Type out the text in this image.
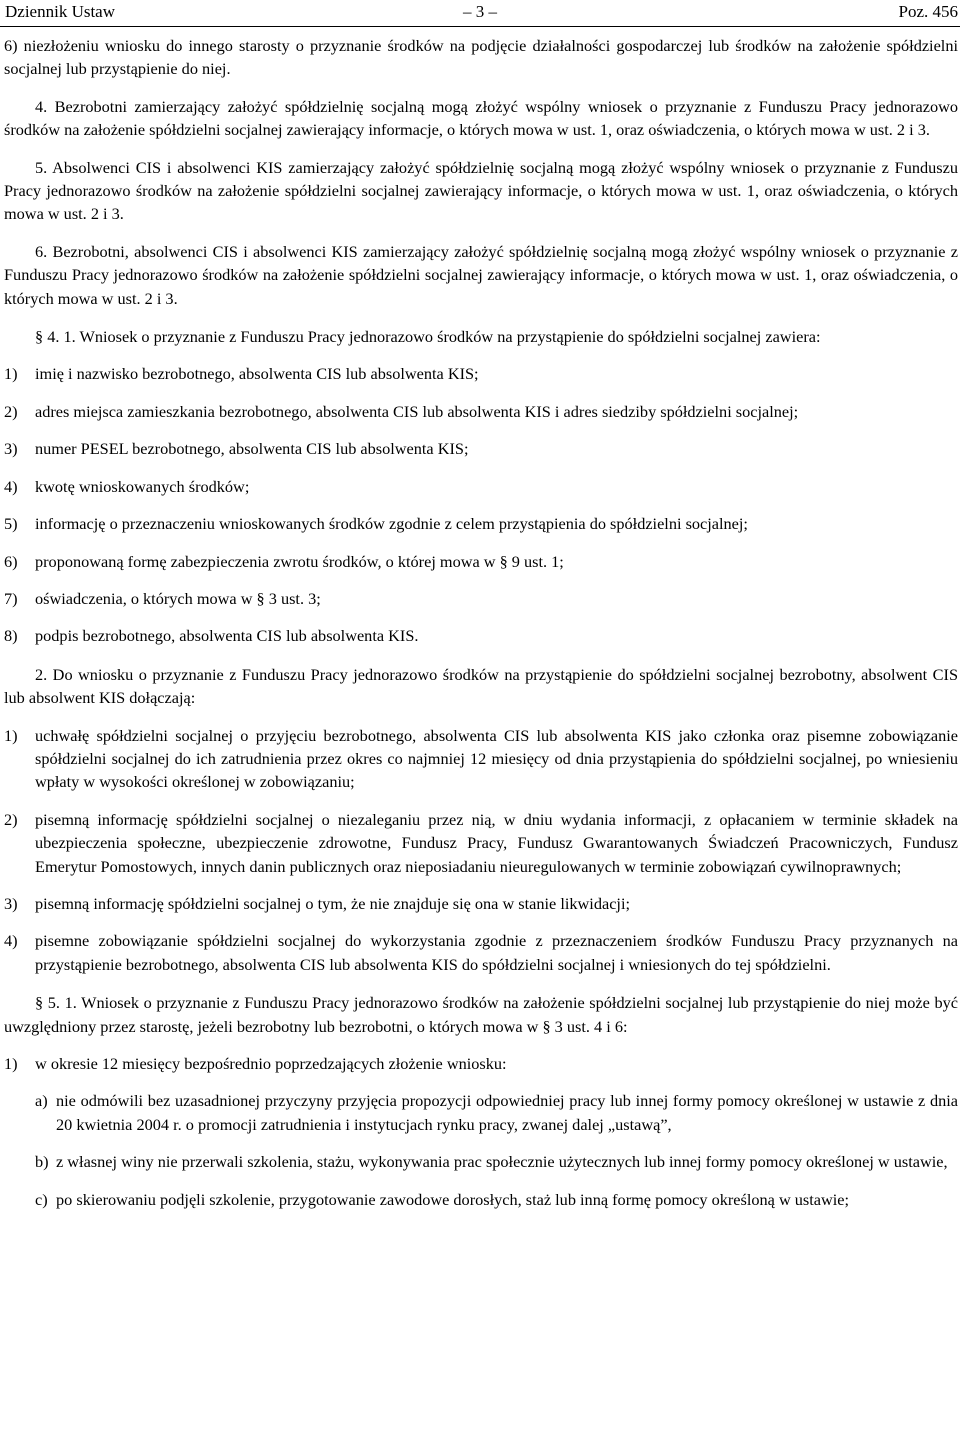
Dziennik Ustaw	– 3 –	Poz. 456

6) niezłożeniu wniosku do innego starosty o przyznanie środków na podjęcie działalności gospodarczej lub środków na założenie spółdzielni socjalnej lub przystąpienie do niej.

4. Bezrobotni zamierzający założyć spółdzielnię socjalną mogą złożyć wspólny wniosek o przyznanie z Funduszu Pracy jednorazowo środków na założenie spółdzielni socjalnej zawierający informacje, o których mowa w ust. 1, oraz oświadczenia, o których mowa w ust. 2 i 3.

5. Absolwenci CIS i absolwenci KIS zamierzający założyć spółdzielnię socjalną mogą złożyć wspólny wniosek o przyznanie z Funduszu Pracy jednorazowo środków na założenie spółdzielni socjalnej zawierający informacje, o których mowa w ust. 1, oraz oświadczenia, o których mowa w ust. 2 i 3.

6. Bezrobotni, absolwenci CIS i absolwenci KIS zamierzający założyć spółdzielnię socjalną mogą złożyć wspólny wniosek o przyznanie z Funduszu Pracy jednorazowo środków na założenie spółdzielni socjalnej zawierający informacje, o których mowa w ust. 1, oraz oświadczenia, o których mowa w ust. 2 i 3.

§ 4. 1. Wniosek o przyznanie z Funduszu Pracy jednorazowo środków na przystąpienie do spółdzielni socjalnej zawiera:

1)	imię i nazwisko bezrobotnego, absolwenta CIS lub absolwenta KIS;
2)	adres miejsca zamieszkania bezrobotnego, absolwenta CIS lub absolwenta KIS i adres siedziby spółdzielni socjalnej;
3)	numer PESEL bezrobotnego, absolwenta CIS lub absolwenta KIS;
4)	kwotę wnioskowanych środków;
5)	informację o przeznaczeniu wnioskowanych środków zgodnie z celem przystąpienia do spółdzielni socjalnej;
6)	proponowaną formę zabezpieczenia zwrotu środków, o której mowa w § 9 ust. 1;
7)	oświadczenia, o których mowa w § 3 ust. 3;
8)	podpis bezrobotnego, absolwenta CIS lub absolwenta KIS.

2. Do wniosku o przyznanie z Funduszu Pracy jednorazowo środków na przystąpienie do spółdzielni socjalnej bezrobotny, absolwent CIS lub absolwent KIS dołączają:

1)	uchwałę spółdzielni socjalnej o przyjęciu bezrobotnego, absolwenta CIS lub absolwenta KIS jako członka oraz pisemne zobowiązanie spółdzielni socjalnej do ich zatrudnienia przez okres co najmniej 12 miesięcy od dnia przystąpienia do spółdzielni socjalnej, po wniesieniu wpłaty w wysokości określonej w zobowiązaniu;
2)	pisemną informację spółdzielni socjalnej o niezaleganiu przez nią, w dniu wydania informacji, z opłacaniem w terminie składek na ubezpieczenia społeczne, ubezpieczenie zdrowotne, Fundusz Pracy, Fundusz Gwarantowanych Świadczeń Pracowniczych, Fundusz Emerytur Pomostowych, innych danin publicznych oraz nieposiadaniu nieuregulowanych w terminie zobowiązań cywilnoprawnych;
3)	pisemną informację spółdzielni socjalnej o tym, że nie znajduje się ona w stanie likwidacji;
4)	pisemne zobowiązanie spółdzielni socjalnej do wykorzystania zgodnie z przeznaczeniem środków Funduszu Pracy przyznanych na przystąpienie bezrobotnego, absolwenta CIS lub absolwenta KIS do spółdzielni socjalnej i wniesionych do tej spółdzielni.

§ 5. 1. Wniosek o przyznanie z Funduszu Pracy jednorazowo środków na założenie spółdzielni socjalnej lub przystąpienie do niej może być uwzględniony przez starostę, jeżeli bezrobotny lub bezrobotni, o których mowa w § 3 ust. 4 i 6:

1)	w okresie 12 miesięcy bezpośrednio poprzedzających złożenie wniosku:
a) nie odmówili bez uzasadnionej przyczyny przyjęcia propozycji odpowiedniej pracy lub innej formy pomocy określonej w ustawie z dnia 20 kwietnia 2004 r. o promocji zatrudnienia i instytucjach rynku pracy, zwanej dalej „ustawą”,
b) z własnej winy nie przerwali szkolenia, stażu, wykonywania prac społecznie użytecznych lub innej formy pomocy określonej w ustawie,
c) po skierowaniu podjęli szkolenie, przygotowanie zawodowe dorosłych, staż lub inną formę pomocy określoną w ustawie;
